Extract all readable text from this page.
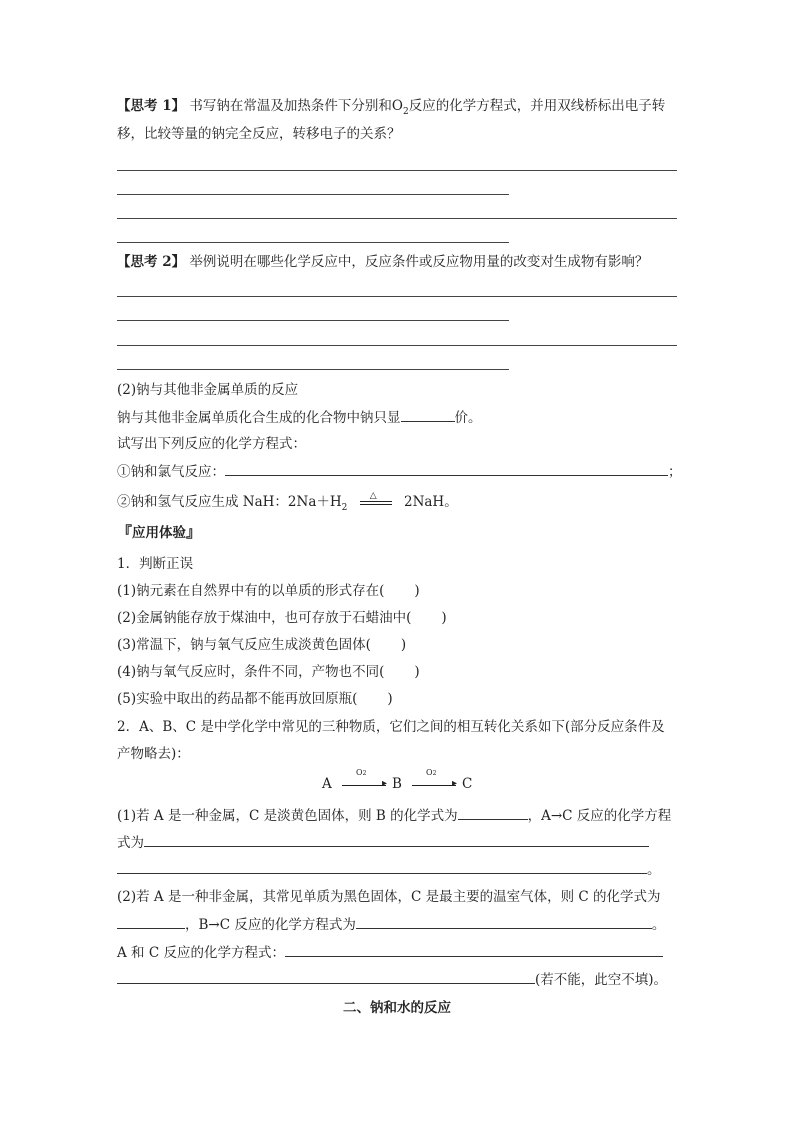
【思考 1】 书写钠在常温及加热条件下分别和$O_2$反应的化学方程式，并用双线桥标出电子转
移，比较等量的钠完全反应，转移电子的关系？
【思考 2】 举例说明在哪些化学反应中，反应条件或反应物用量的改变对生成物有影响？
(2)钠与其他非金属单质的反应
钠与其他非金属单质化合生成的化合物中钠只显	价。
试写出下列反应的化学方程式：
①钠和氯气反应：	；
②钠和氢气反应生成 NaH：$2Na+H_2$
△ 2NaH。
『应用体验』
1．判断正误
(1)钠元素在自然界中有的以单质的形式存在( )
(2)金属钠能存放于煤油中，也可存放于石蜡油中( )
(3)常温下，钠与氧气反应生成淡黄色固体( )
(4)钠与氧气反应时，条件不同，产物也不同( )
(5)实验中取出的药品都不能再放回原瓶( )
2．A、B、C 是中学化学中常见的三种物质，它们之间的相互转化关系如下(部分反应条件及
产物略去)：
A	▸
O2
B	▸
O2
C
(1)若 A 是一种金属，C 是淡黄色固体，则 B 的化学式为	，A→C 反应的化学方程
式为
。
(2)若 A 是一种非金属，其常见单质为黑色固体，C 是最主要的温室气体，则 C 的化学式为
，B→C 反应的化学方程式为	。
A 和 C 反应的化学方程式：
(若不能，此空不填)。
二、钠和水的反应
